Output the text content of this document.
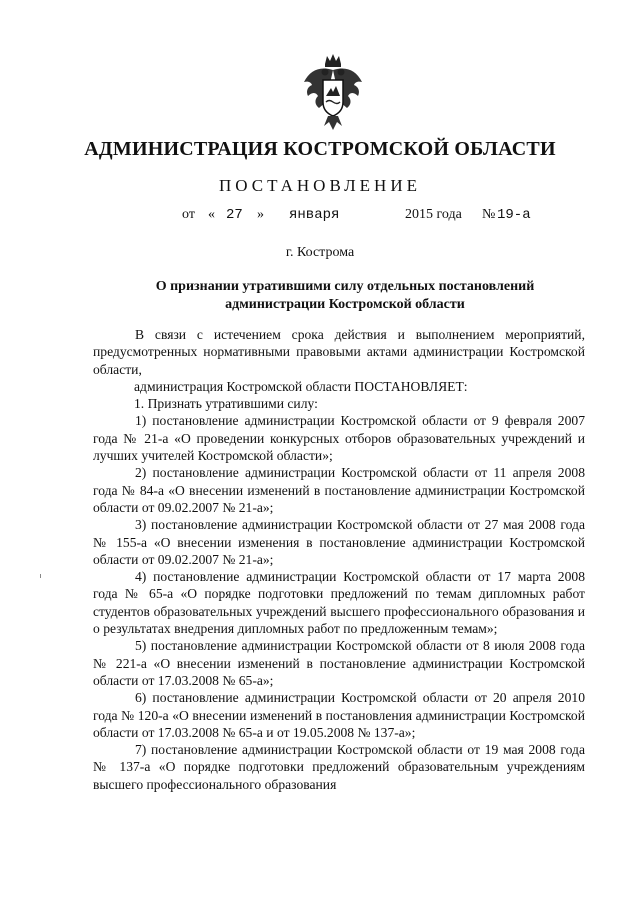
АДМИНИСТРАЦИЯ КОСТРОМСКОЙ ОБЛАСТИ
ПОСТАНОВЛЕНИЕ
от « 27 » января	2015 года № 19-а
г. Кострома
О признании утратившими силу отдельных постановлений
администрации Костромской области

В связи с истечением срока действия и выполнением мероприятий, предусмотренных нормативными правовыми актами администрации Костромской области,

администрация Костромской области ПОСТАНОВЛЯЕТ:

1. Признать утратившими силу:

1) постановление администрации Костромской области от 9 февраля 2007 года № 21-а «О проведении конкурсных отборов образовательных учреждений и лучших учителей Костромской области»;

2) постановление администрации Костромской области от 11 апреля 2008 года № 84-а «О внесении изменений в постановление администрации Костромской области от 09.02.2007 № 21-а»;

3) постановление администрации Костромской области от 27 мая 2008 года № 155-а «О внесении изменения в постановление администрации Костромской области от 09.02.2007 № 21-а»;

4) постановление администрации Костромской области от 17 марта 2008 года № 65-а «О порядке подготовки предложений по темам дипломных работ студентов образовательных учреждений высшего профессионального образования и о результатах внедрения дипломных работ по предложенным темам»;

5) постановление администрации Костромской области от 8 июля 2008 года № 221-а «О внесении изменений в постановление администрации Костромской области от 17.03.2008 № 65-а»;

6) постановление администрации Костромской области от 20 апреля 2010 года № 120-а «О внесении изменений в постановления администрации Костромской области от 17.03.2008 № 65-а и от 19.05.2008 № 137-а»;

7) постановление администрации Костромской области от 19 мая 2008 года № 137-а «О порядке подготовки предложений образовательным учреждениям высшего профессионального образования
